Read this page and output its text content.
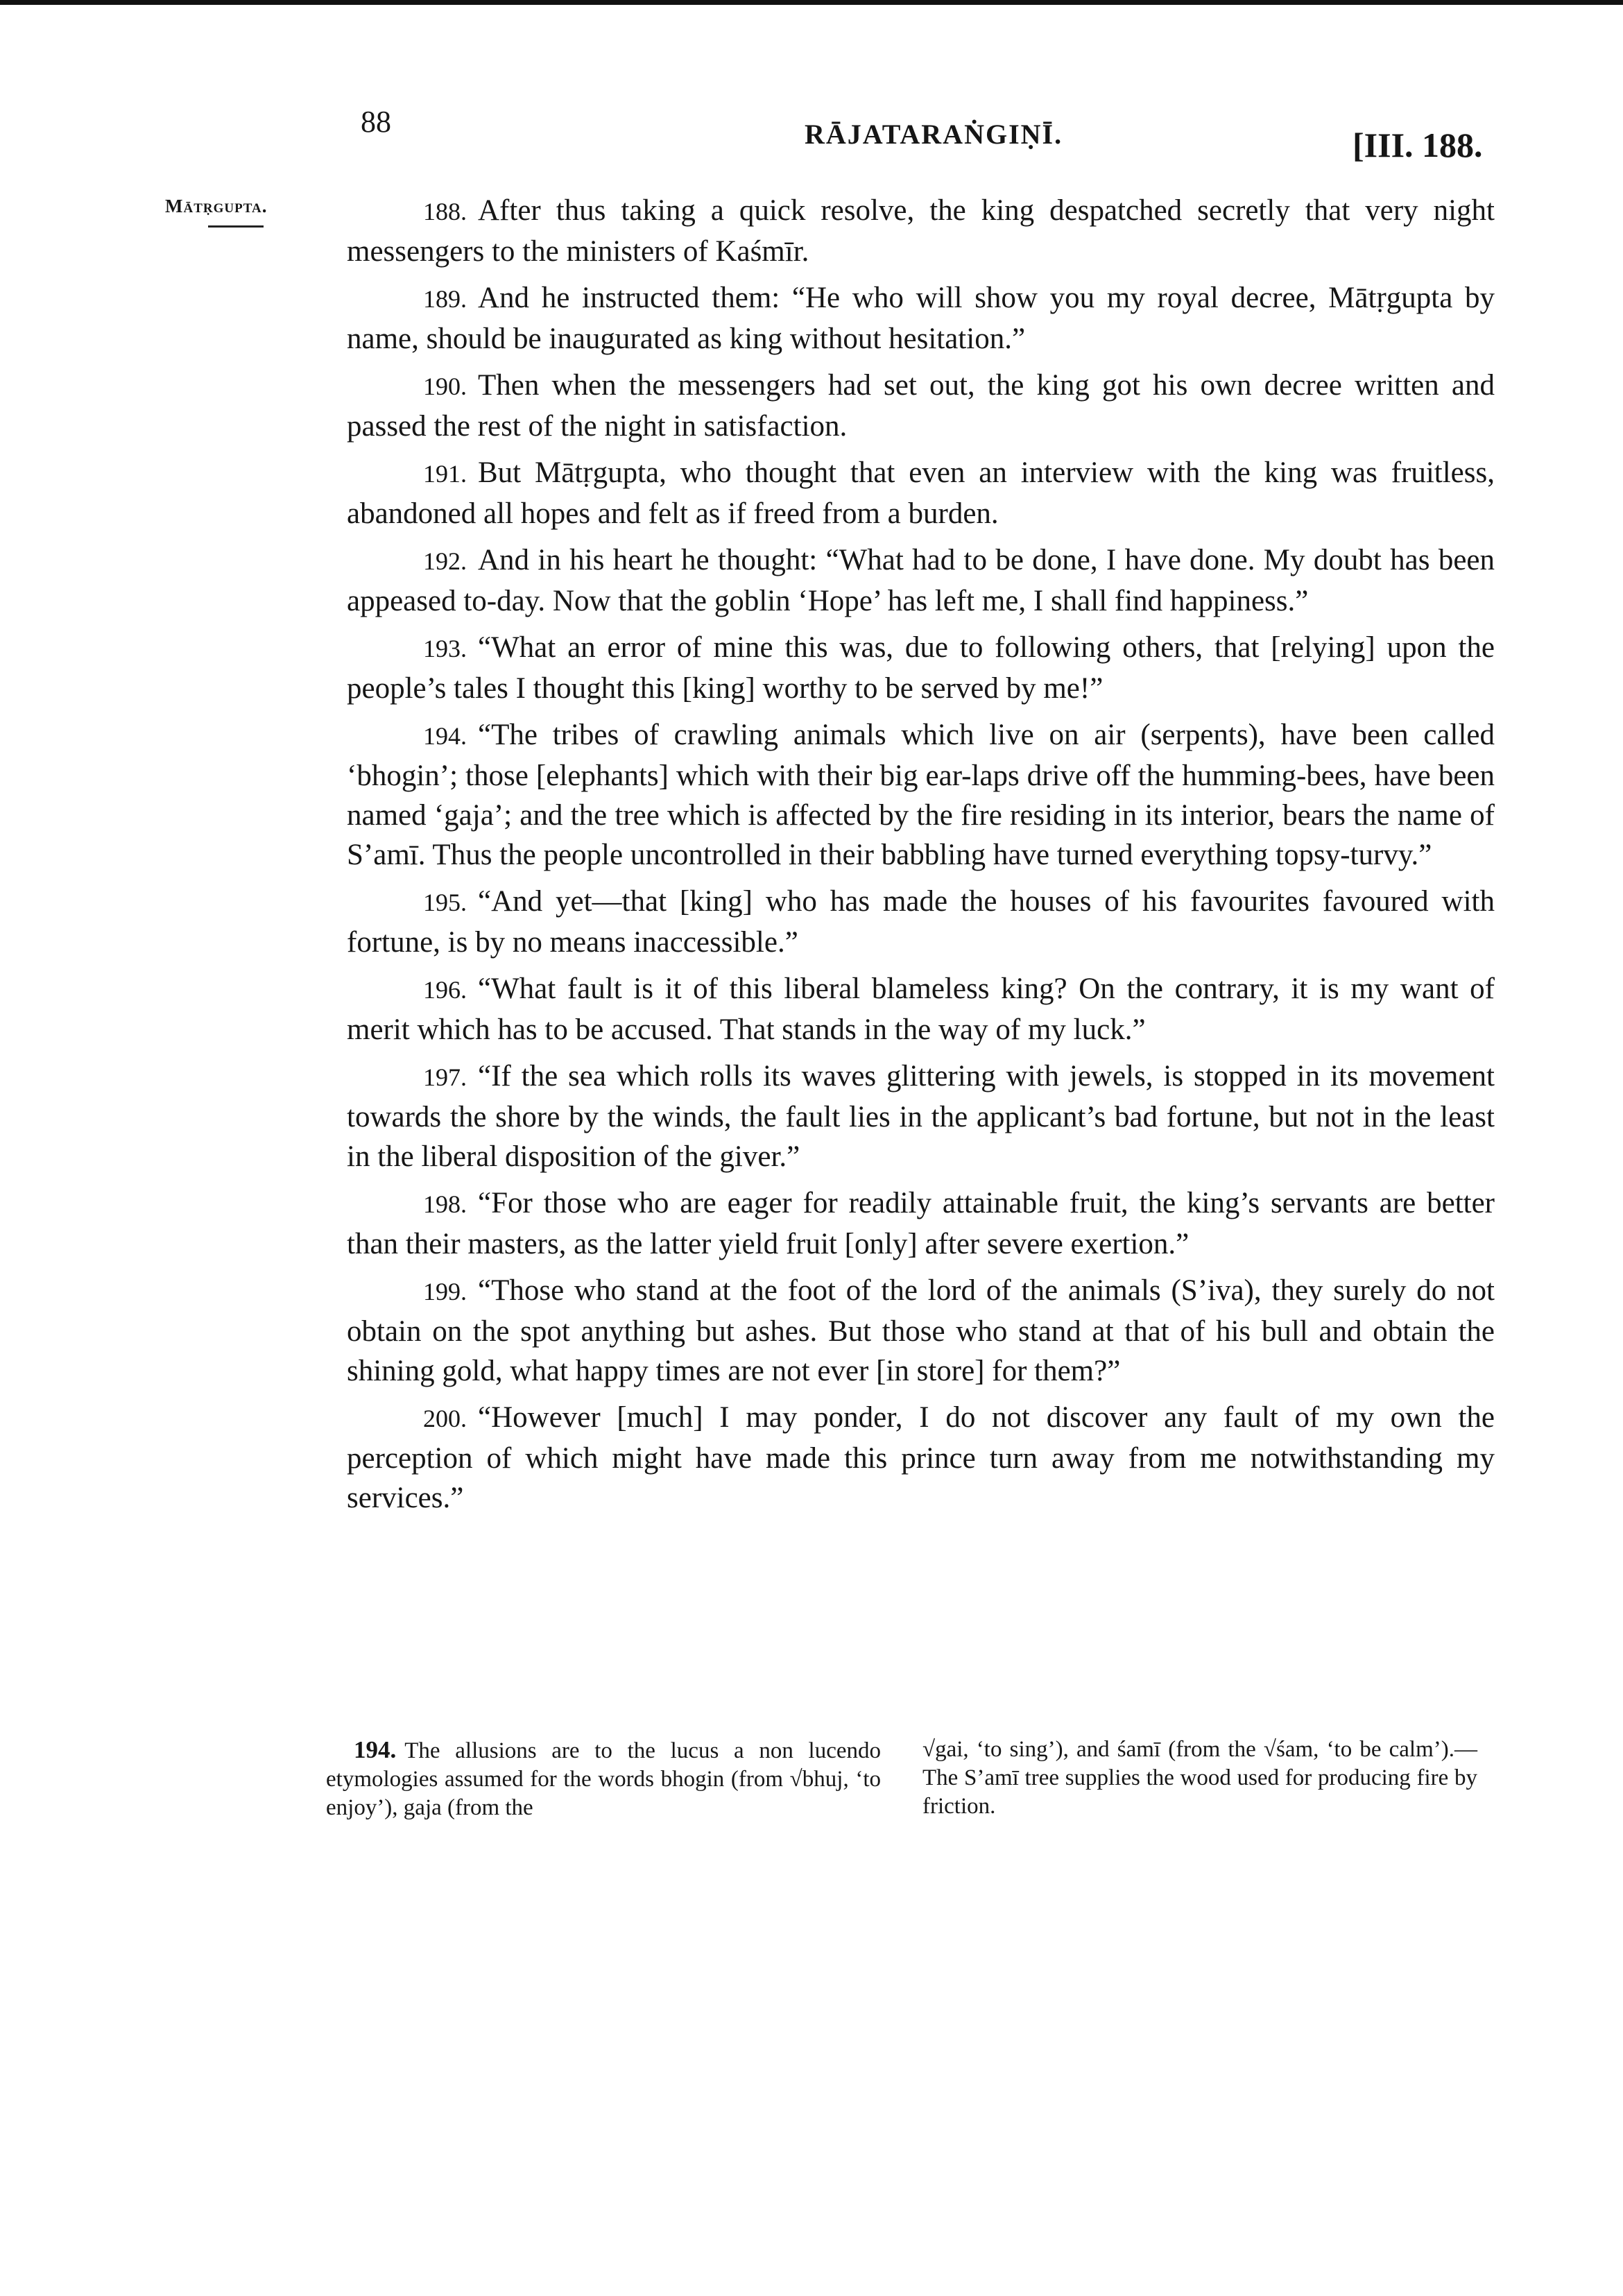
88	RĀJATARAṄGIṆĪ.	[III. 188.
Mātṛgupta.	188. After thus taking a quick resolve, the king despatched secretly that very night messengers to the ministers of Kaśmīr.

189. And he instructed them: “He who will show you my royal decree, Mātṛgupta by name, should be inaugurated as king without hesitation.”

190. Then when the messengers had set out, the king got his own decree written and passed the rest of the night in satisfaction.

191. But Mātṛgupta, who thought that even an interview with the king was fruitless, abandoned all hopes and felt as if freed from a burden.

192. And in his heart he thought: “What had to be done, I have done. My doubt has been appeased to-day. Now that the goblin ‘Hope’ has left me, I shall find happiness.”

193. “What an error of mine this was, due to following others, that [relying] upon the people’s tales I thought this [king] worthy to be served by me!”

194. “The tribes of crawling animals which live on air (serpents), have been called ‘bhogin’; those [elephants] which with their big ear-laps drive off the humming-bees, have been named ‘gaja’; and the tree which is affected by the fire residing in its interior, bears the name of S’amī. Thus the people uncontrolled in their babbling have turned everything topsy-turvy.”

195. “And yet—that [king] who has made the houses of his favourites favoured with fortune, is by no means inaccessible.”

196. “What fault is it of this liberal blameless king? On the contrary, it is my want of merit which has to be accused. That stands in the way of my luck.”

197. “If the sea which rolls its waves glittering with jewels, is stopped in its movement towards the shore by the winds, the fault lies in the applicant’s bad fortune, but not in the least in the liberal disposition of the giver.”

198. “For those who are eager for readily attainable fruit, the king’s servants are better than their masters, as the latter yield fruit [only] after severe exertion.”

199. “Those who stand at the foot of the lord of the animals (S’iva), they surely do not obtain on the spot anything but ashes. But those who stand at that of his bull and obtain the shining gold, what happy times are not ever [in store] for them?”

200. “However [much] I may ponder, I do not discover any fault of my own the perception of which might have made this prince turn away from me notwithstanding my services.”

194. The allusions are to the lucus a non lucendo etymologies assumed for the words bhogin (from √bhuj, ‘to enjoy’), gaja (from the
√gai, ‘to sing’), and śamī (from the √śam, ‘to be calm’).—The S’amī tree supplies the wood used for producing fire by friction.
